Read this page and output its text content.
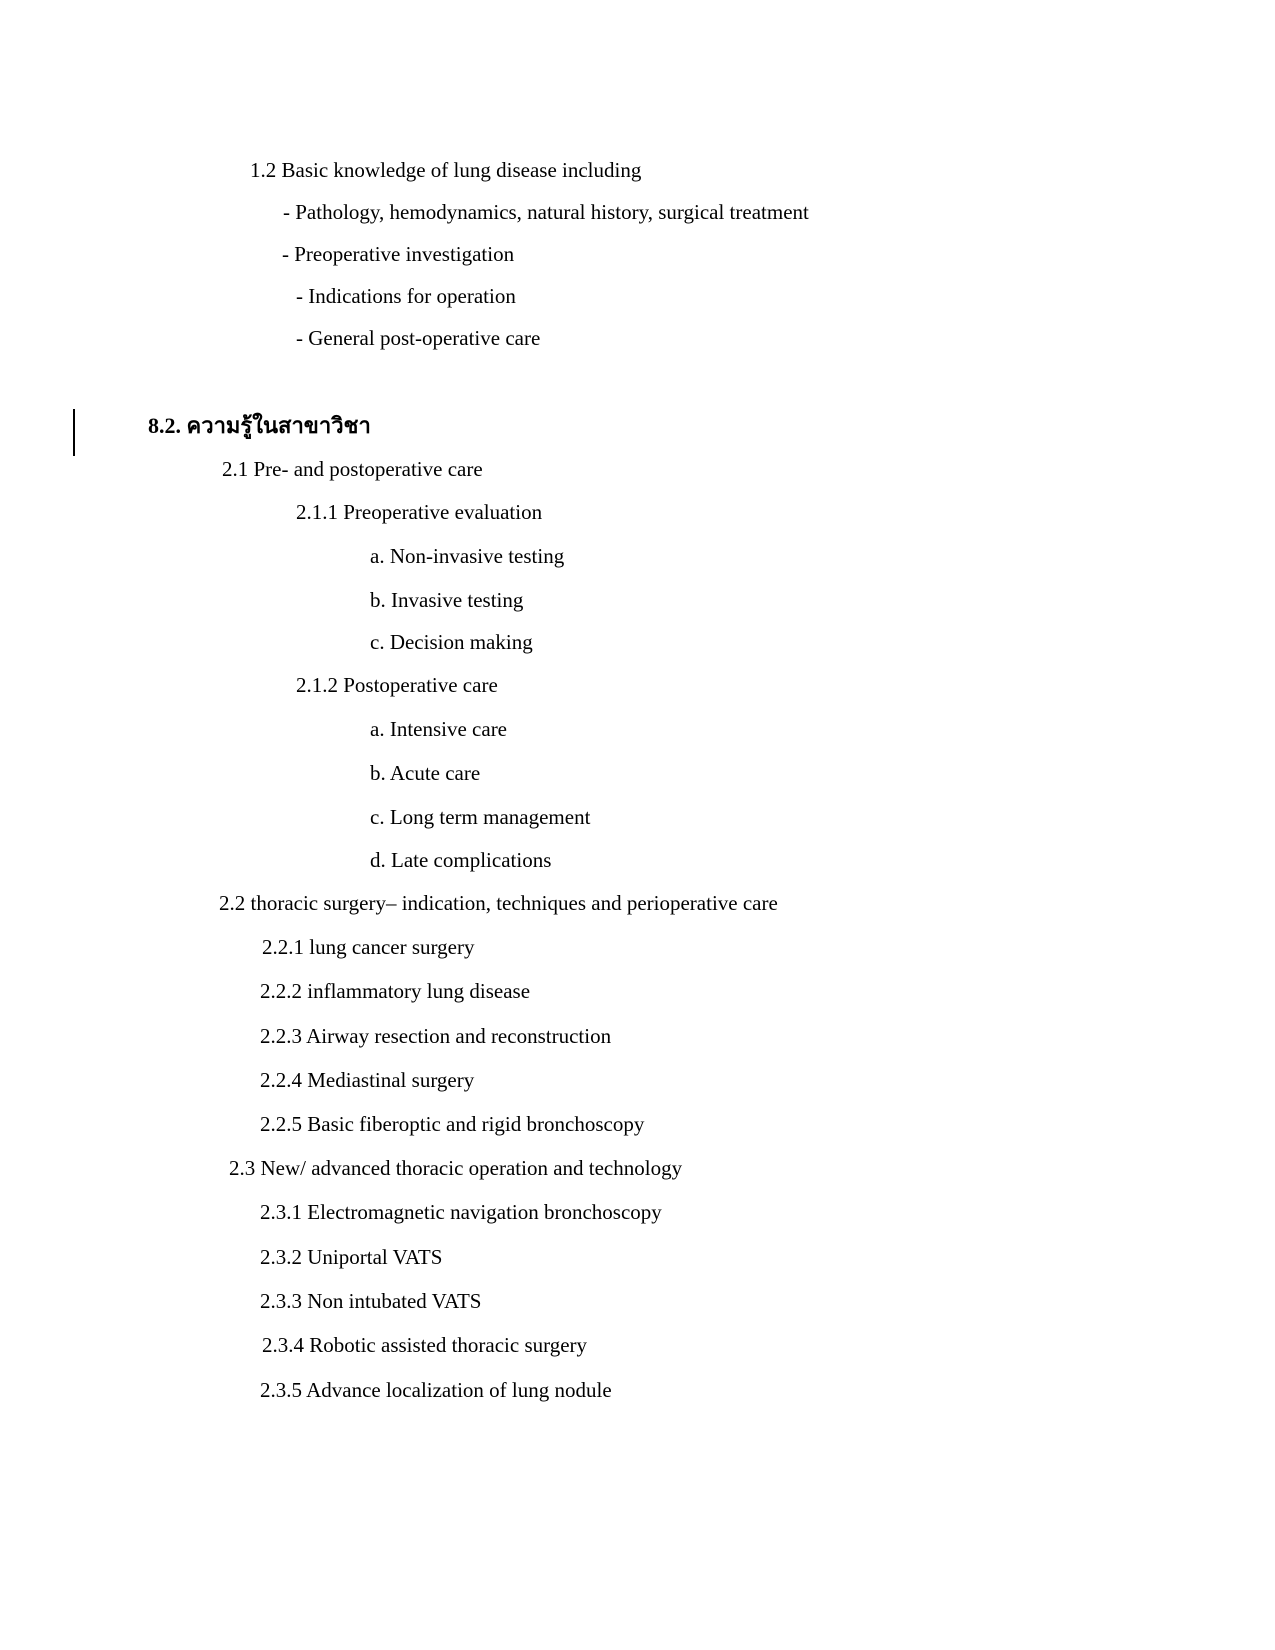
1.2 Basic knowledge of lung disease including
- Pathology, hemodynamics, natural history, surgical treatment
- Preoperative investigation
- Indications for operation
- General post-operative care
8.2. ความรู้ในสาขาวิชา
2.1 Pre- and postoperative care
2.1.1 Preoperative evaluation
a. Non-invasive testing
b. Invasive testing
c. Decision making
2.1.2 Postoperative care
a. Intensive care
b. Acute care
c. Long term management
d. Late complications
2.2 thoracic surgery– indication, techniques and perioperative care
2.2.1 lung cancer surgery
2.2.2 inflammatory lung disease
2.2.3 Airway resection and reconstruction
2.2.4 Mediastinal surgery
2.2.5 Basic fiberoptic and rigid bronchoscopy
2.3 New/ advanced thoracic operation and technology
2.3.1 Electromagnetic navigation bronchoscopy
2.3.2 Uniportal VATS
2.3.3 Non intubated VATS
2.3.4 Robotic assisted thoracic surgery
2.3.5 Advance localization of lung nodule
